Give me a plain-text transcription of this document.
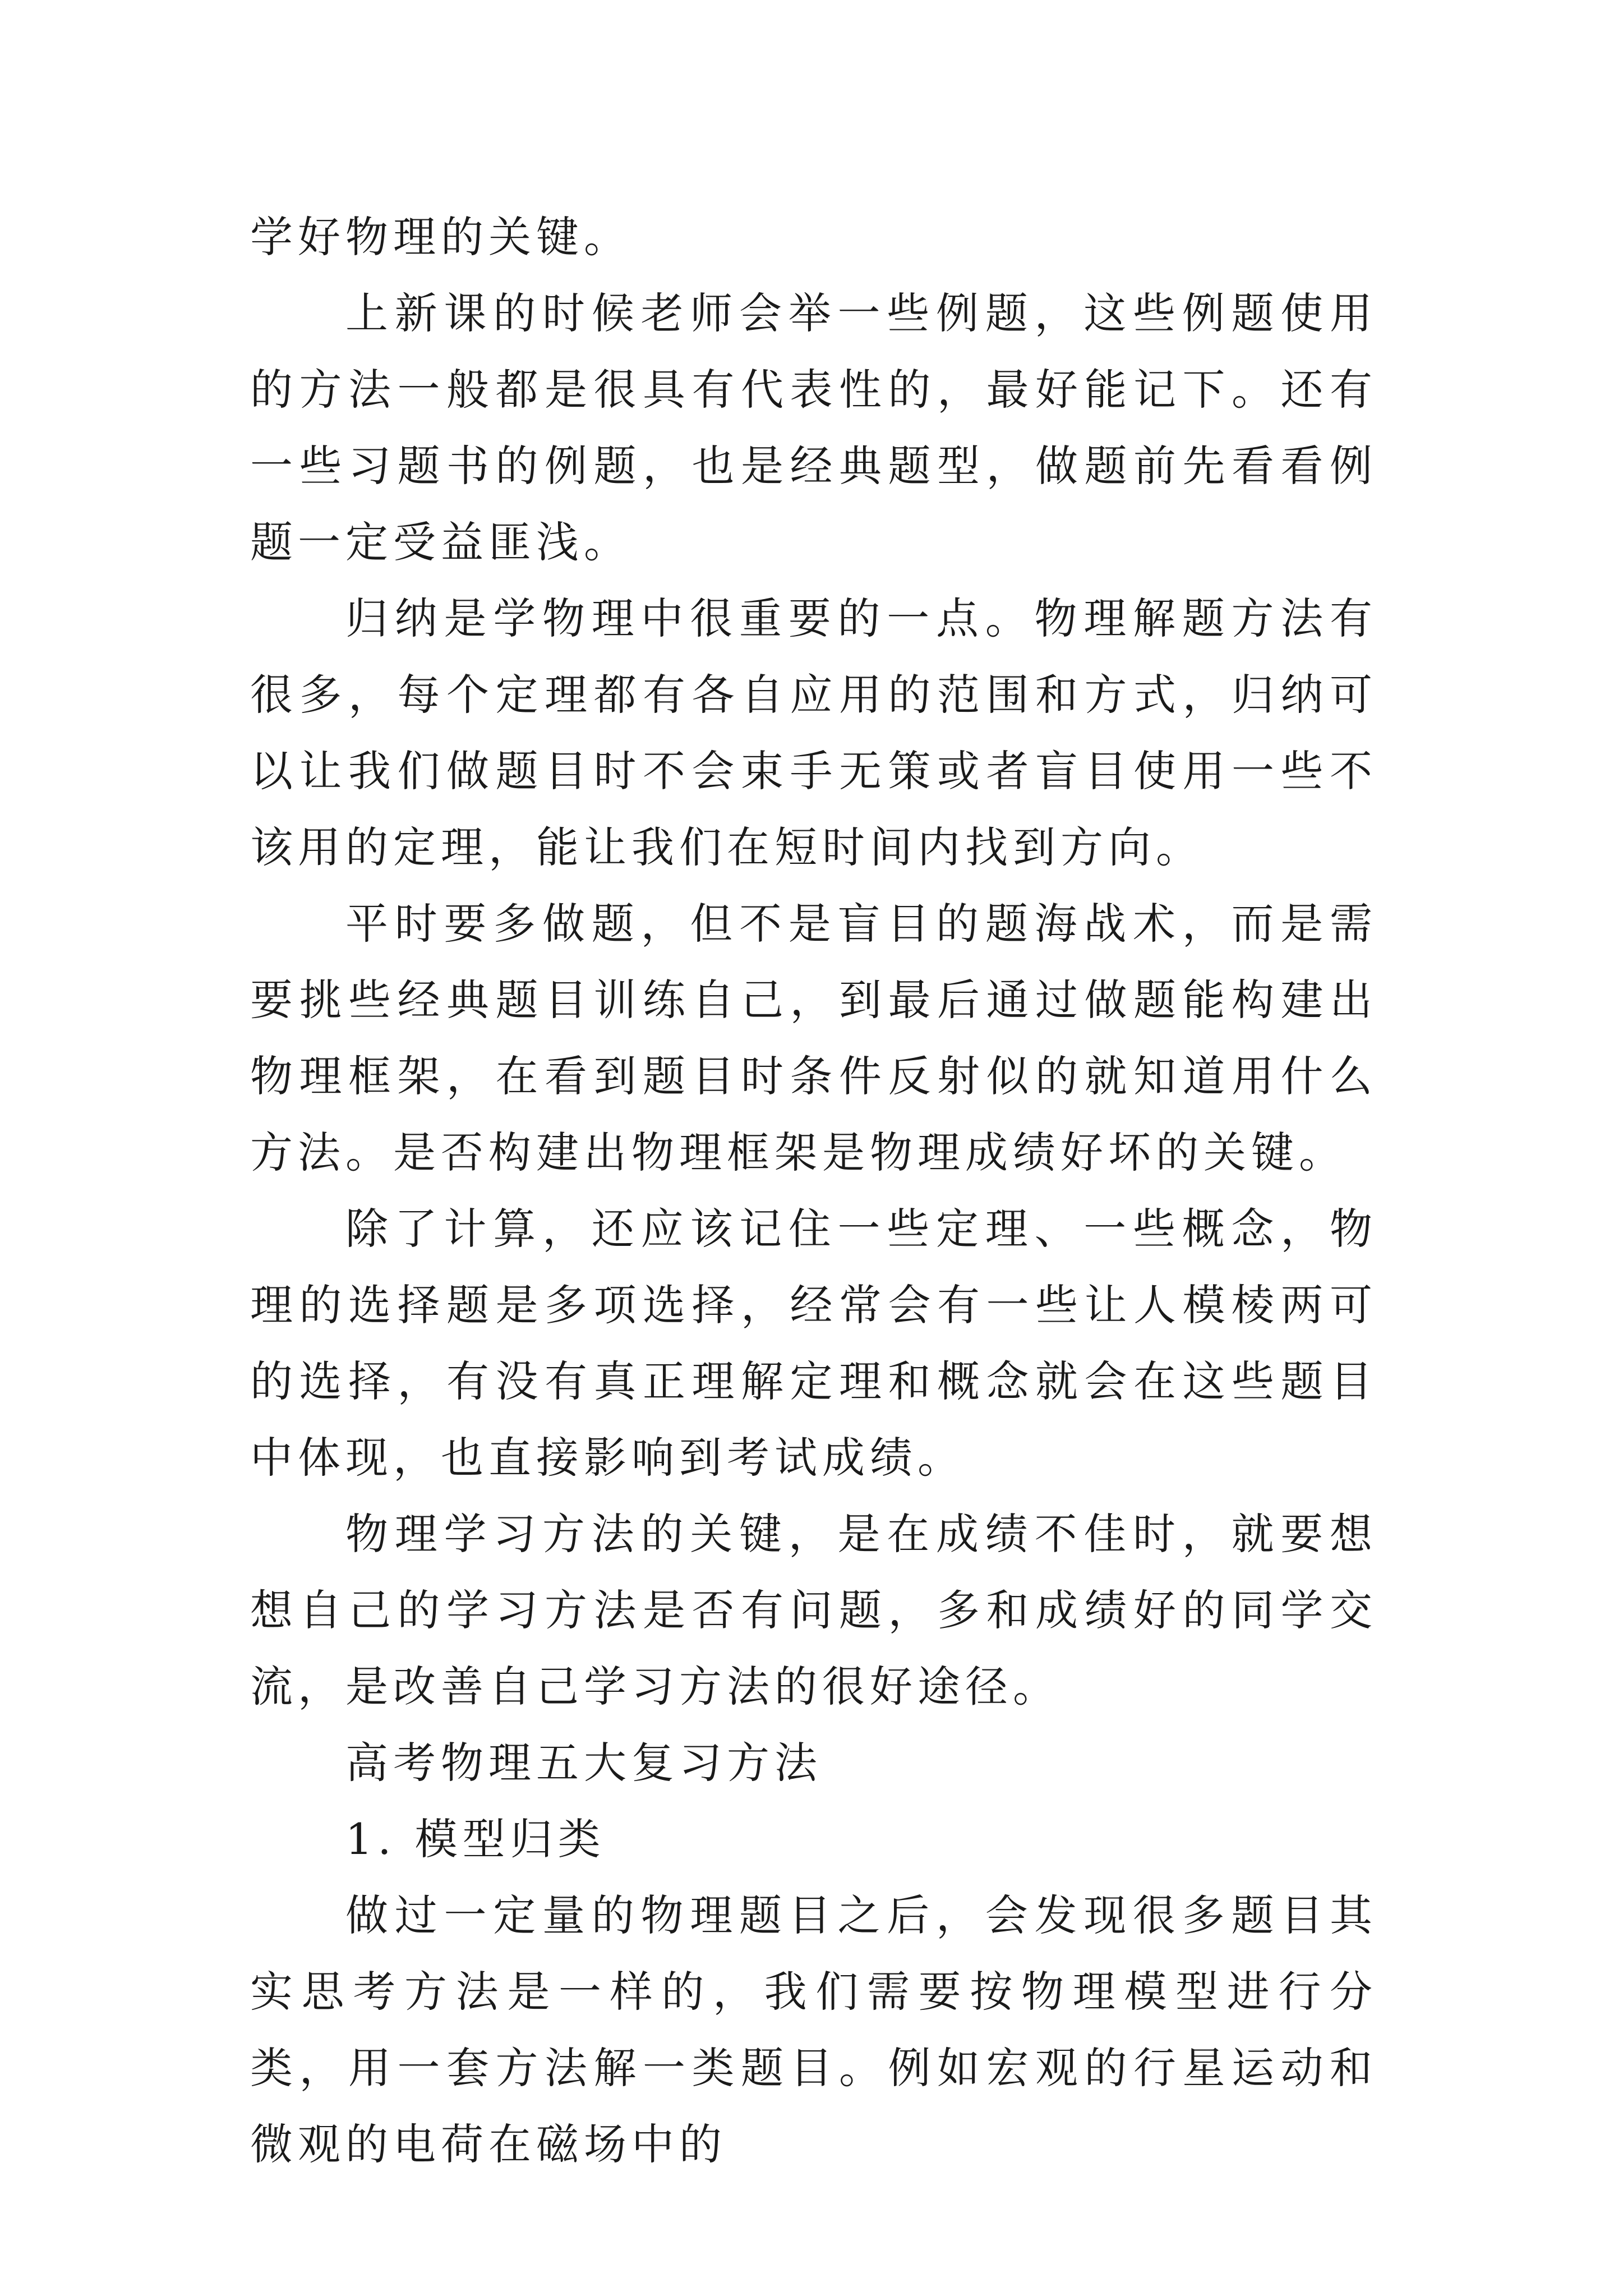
学好物理的关键。

上新课的时候老师会举一些例题，这些例题使用的方法一般都是很具有代表性的，最好能记下。还有一些习题书的例题，也是经典题型，做题前先看看例题一定受益匪浅。

归纳是学物理中很重要的一点。物理解题方法有很多，每个定理都有各自应用的范围和方式，归纳可以让我们做题目时不会束手无策或者盲目使用一些不该用的定理，能让我们在短时间内找到方向。

平时要多做题，但不是盲目的题海战术，而是需要挑些经典题目训练自己，到最后通过做题能构建出物理框架，在看到题目时条件反射似的就知道用什么方法。是否构建出物理框架是物理成绩好坏的关键。

除了计算，还应该记住一些定理、一些概念，物理的选择题是多项选择，经常会有一些让人模棱两可的选择，有没有真正理解定理和概念就会在这些题目中体现，也直接影响到考试成绩。

物理学习方法的关键，是在成绩不佳时，就要想想自己的学习方法是否有问题，多和成绩好的同学交流，是改善自己学习方法的很好途径。

高考物理五大复习方法

1. 模型归类

做过一定量的物理题目之后，会发现很多题目其实思考方法是一样的，我们需要按物理模型进行分类，用一套方法解一类题目。例如宏观的行星运动和微观的电荷在磁场中的
